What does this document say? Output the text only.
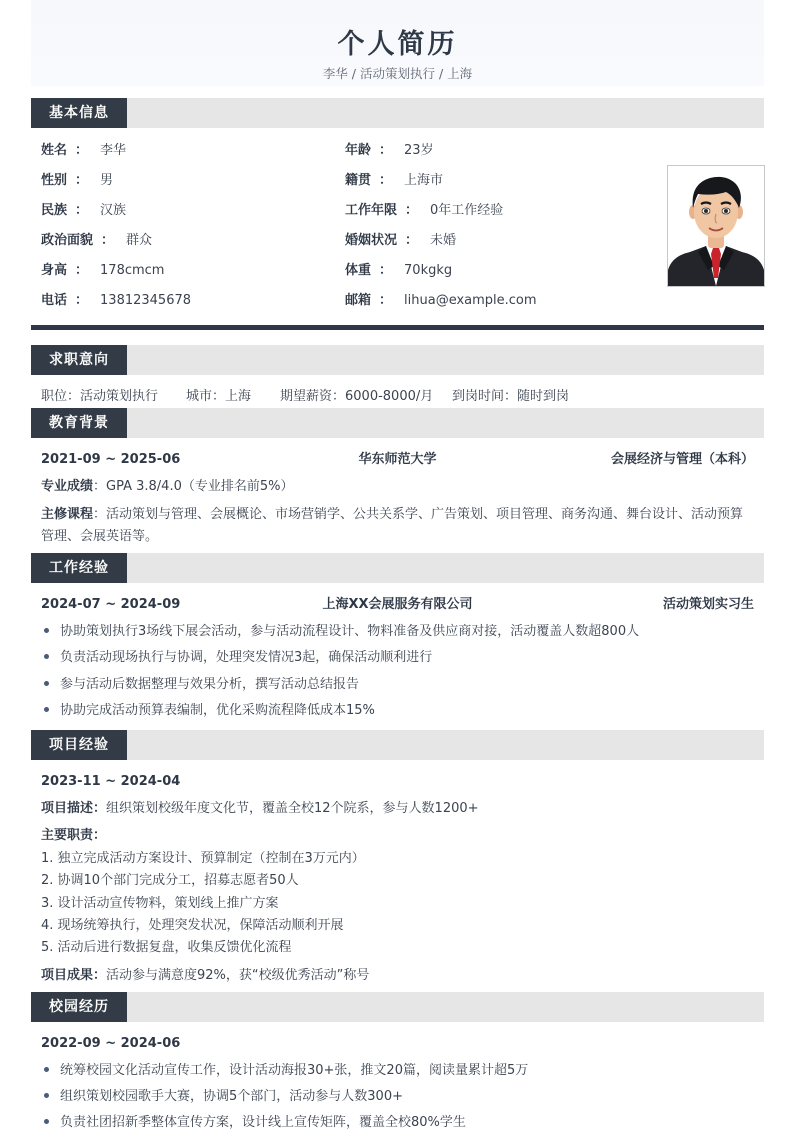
个人简历
李华 / 活动策划执行 / 上海
基本信息
姓名 ： 李华	年龄 ： 23岁
性别 ： 男	籍贯 ： 上海市
民族 ： 汉族	工作年限 ： 0年工作经验
政治面貌 ： 群众	婚姻状况 ： 未婚
身高 ： 178cmcm	体重 ： 70kgkg
电话 ： 13812345678	邮箱 ： lihua@example.com
求职意向
职位：活动策划执行 城市：上海 期望薪资：6000-8000/月 到岗时间：随时到岗
教育背景
2021-09 ~ 2025-06	华东师范大学	会展经济与管理（本科）
专业成绩：GPA 3.8/4.0（专业排名前5%）
主修课程：活动策划与管理、会展概论、市场营销学、公共关系学、广告策划、项目管理、商务沟通、舞台设计、活动预算管理、会展英语等。
工作经验
2024-07 ~ 2024-09	上海XX会展服务有限公司	活动策划实习生
协助策划执行3场线下展会活动，参与活动流程设计、物料准备及供应商对接，活动覆盖人数超800人
负责活动现场执行与协调，处理突发情况3起，确保活动顺利进行
参与活动后数据整理与效果分析，撰写活动总结报告
协助完成活动预算表编制，优化采购流程降低成本15%
项目经验
2023-11 ~ 2024-04
项目描述：组织策划校级年度文化节，覆盖全校12个院系，参与人数1200+
主要职责：
1. 独立完成活动方案设计、预算制定（控制在3万元内）
2. 协调10个部门完成分工，招募志愿者50人
3. 设计活动宣传物料，策划线上推广方案
4. 现场统筹执行，处理突发状况，保障活动顺利开展
5. 活动后进行数据复盘，收集反馈优化流程
项目成果：活动参与满意度92%，获“校级优秀活动”称号
校园经历
2022-09 ~ 2024-06
统筹校园文化活动宣传工作，设计活动海报30+张，推文20篇，阅读量累计超5万
组织策划校园歌手大赛，协调5个部门，活动参与人数300+
负责社团招新季整体宣传方案，设计线上宣传矩阵，覆盖全校80%学生
